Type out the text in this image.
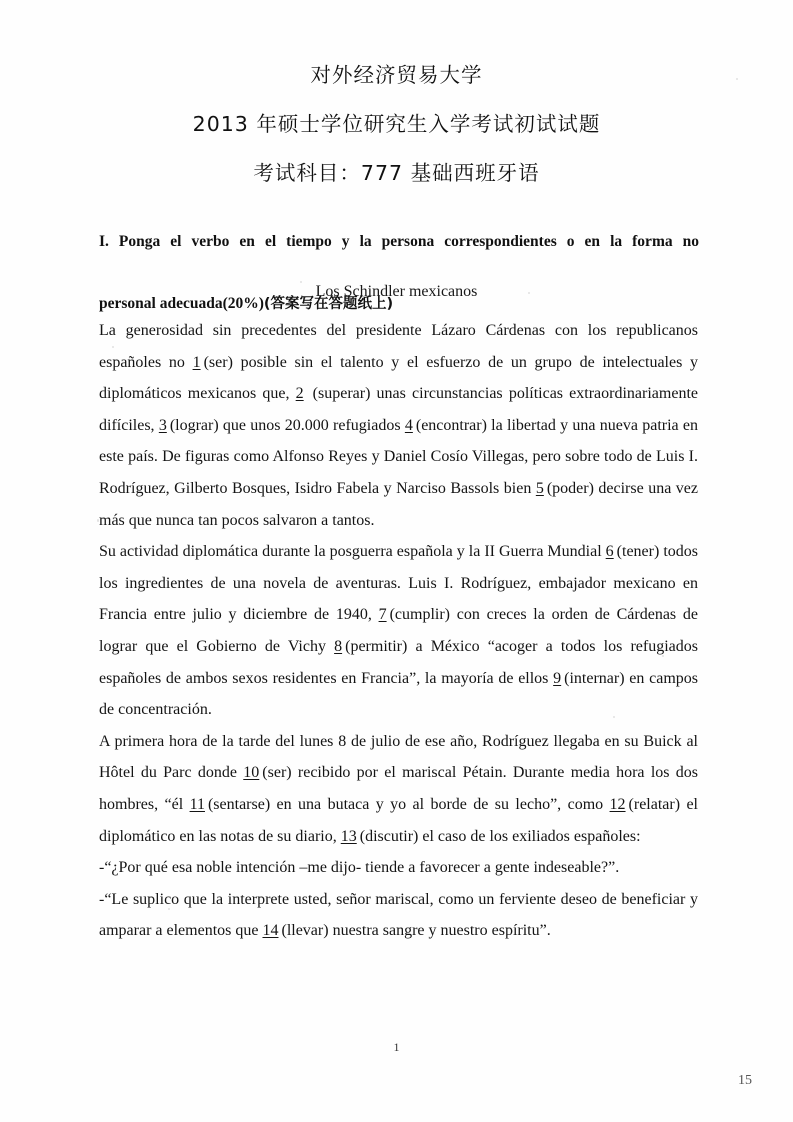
对外经济贸易大学
2013 年硕士学位研究生入学考试初试试题
考试科目：777 基础西班牙语
I. Ponga el verbo en el tiempo y la persona correspondientes o en la forma no
personal adecuada(20%)(答案写在答题纸上)
Los Schindler mexicanos

La generosidad sin precedentes del presidente Lázaro Cárdenas con los republicanos españoles no 1 (ser) posible sin el talento y el esfuerzo de un grupo de intelectuales y diplomáticos mexicanos que, 2 (superar) unas circunstancias políticas extraordinariamente difíciles, 3 (lograr) que unos 20.000 refugiados 4 (encontrar) la libertad y una nueva patria en este país. De figuras como Alfonso Reyes y Daniel Cosío Villegas, pero sobre todo de Luis I. Rodríguez, Gilberto Bosques, Isidro Fabela y Narciso Bassols bien 5 (poder) decirse una vez más que nunca tan pocos salvaron a tantos.

Su actividad diplomática durante la posguerra española y la II Guerra Mundial 6 (tener) todos los ingredientes de una novela de aventuras. Luis I. Rodríguez, embajador mexicano en Francia entre julio y diciembre de 1940, 7 (cumplir) con creces la orden de Cárdenas de lograr que el Gobierno de Vichy 8 (permitir) a México “acoger a todos los refugiados españoles de ambos sexos residentes en Francia”, la mayoría de ellos 9 (internar) en campos de concentración.

A primera hora de la tarde del lunes 8 de julio de ese año, Rodríguez llegaba en su Buick al Hôtel du Parc donde 10 (ser) recibido por el mariscal Pétain. Durante media hora los dos hombres, “él 11 (sentarse) en una butaca y yo al borde de su lecho”, como 12 (relatar) el diplomático en las notas de su diario, 13 (discutir) el caso de los exiliados españoles:

-“¿Por qué esa noble intención –me dijo- tiende a favorecer a gente indeseable?”.

-“Le suplico que la interprete usted, señor mariscal, como un ferviente deseo de beneficiar y amparar a elementos que 14 (llevar) nuestra sangre y nuestro espíritu”.

1
15
